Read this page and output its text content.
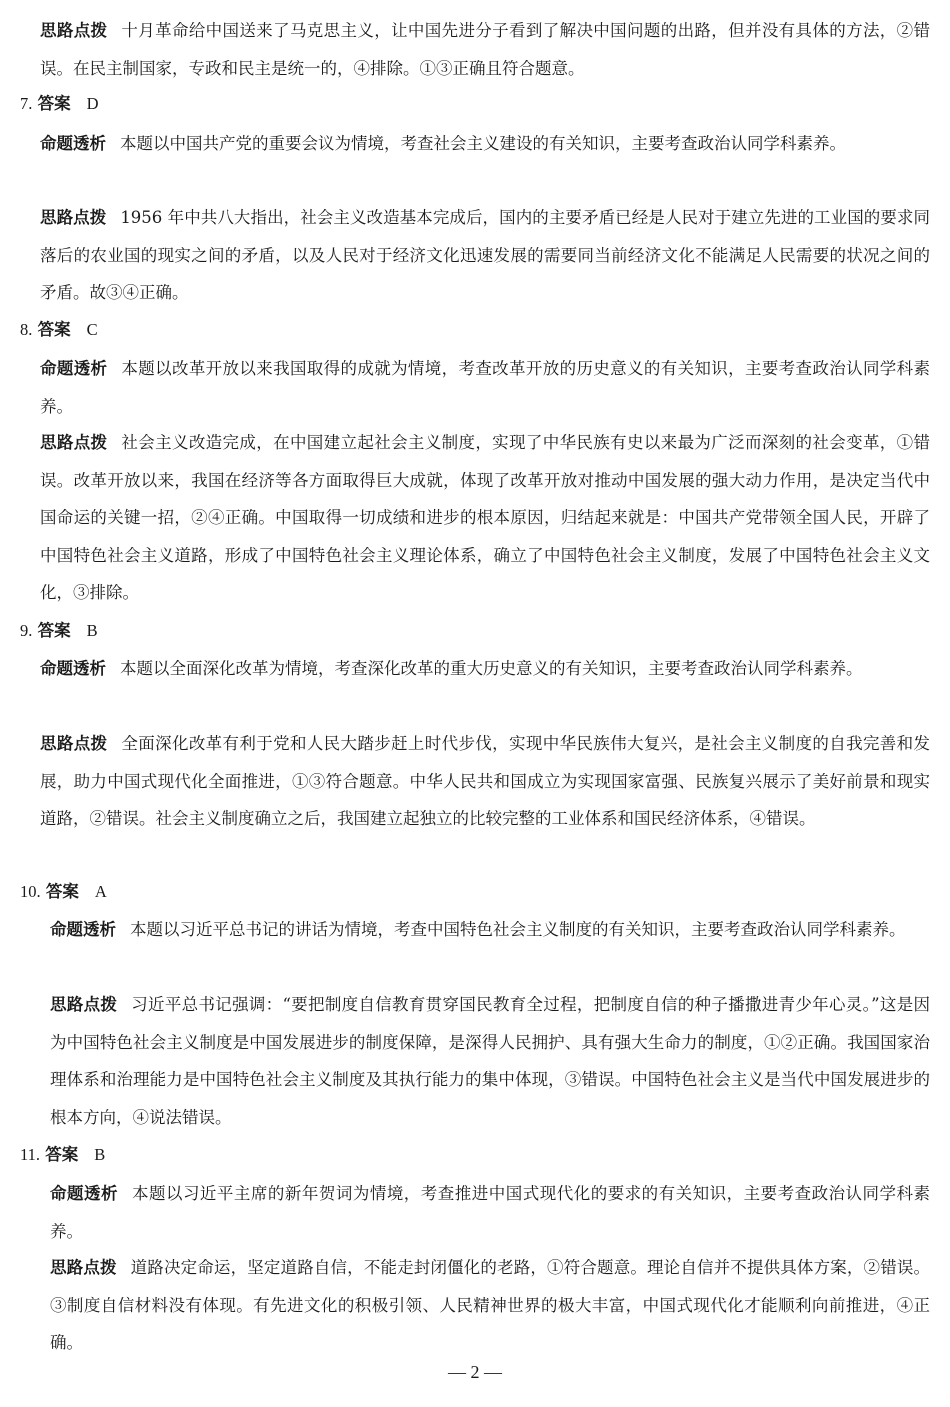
思路点拨 十月革命给中国送来了马克思主义，让中国先进分子看到了解决中国问题的出路，但并没有具体的方法，②错误。在民主制国家，专政和民主是统一的，④排除。①③正确且符合题意。

7. 答案 D

命题透析 本题以中国共产党的重要会议为情境，考查社会主义建设的有关知识，主要考查政治认同学科素养。

思路点拨 1956 年中共八大指出，社会主义改造基本完成后，国内的主要矛盾已经是人民对于建立先进的工业国的要求同落后的农业国的现实之间的矛盾，以及人民对于经济文化迅速发展的需要同当前经济文化不能满足人民需要的状况之间的矛盾。故③④正确。

8. 答案 C

命题透析 本题以改革开放以来我国取得的成就为情境，考查改革开放的历史意义的有关知识，主要考查政治认同学科素养。

思路点拨 社会主义改造完成，在中国建立起社会主义制度，实现了中华民族有史以来最为广泛而深刻的社会变革，①错误。改革开放以来，我国在经济等各方面取得巨大成就，体现了改革开放对推动中国发展的强大动力作用，是决定当代中国命运的关键一招，②④正确。中国取得一切成绩和进步的根本原因，归结起来就是：中国共产党带领全国人民，开辟了中国特色社会主义道路，形成了中国特色社会主义理论体系，确立了中国特色社会主义制度，发展了中国特色社会主义文化，③排除。

9. 答案 B

命题透析 本题以全面深化改革为情境，考查深化改革的重大历史意义的有关知识，主要考查政治认同学科素养。

思路点拨 全面深化改革有利于党和人民大踏步赶上时代步伐，实现中华民族伟大复兴，是社会主义制度的自我完善和发展，助力中国式现代化全面推进，①③符合题意。中华人民共和国成立为实现国家富强、民族复兴展示了美好前景和现实道路，②错误。社会主义制度确立之后，我国建立起独立的比较完整的工业体系和国民经济体系，④错误。

10. 答案 A

命题透析 本题以习近平总书记的讲话为情境，考查中国特色社会主义制度的有关知识，主要考查政治认同学科素养。

思路点拨 习近平总书记强调：“要把制度自信教育贯穿国民教育全过程，把制度自信的种子播撒进青少年心灵。”这是因为中国特色社会主义制度是中国发展进步的制度保障，是深得人民拥护、具有强大生命力的制度，①②正确。我国国家治理体系和治理能力是中国特色社会主义制度及其执行能力的集中体现，③错误。中国特色社会主义是当代中国发展进步的根本方向，④说法错误。

11. 答案 B

命题透析 本题以习近平主席的新年贺词为情境，考查推进中国式现代化的要求的有关知识，主要考查政治认同学科素养。

思路点拨 道路决定命运，坚定道路自信，不能走封闭僵化的老路，①符合题意。理论自信并不提供具体方案，②错误。③制度自信材料没有体现。有先进文化的积极引领、人民精神世界的极大丰富，中国式现代化才能顺利向前推进，④正确。

— 2 —
